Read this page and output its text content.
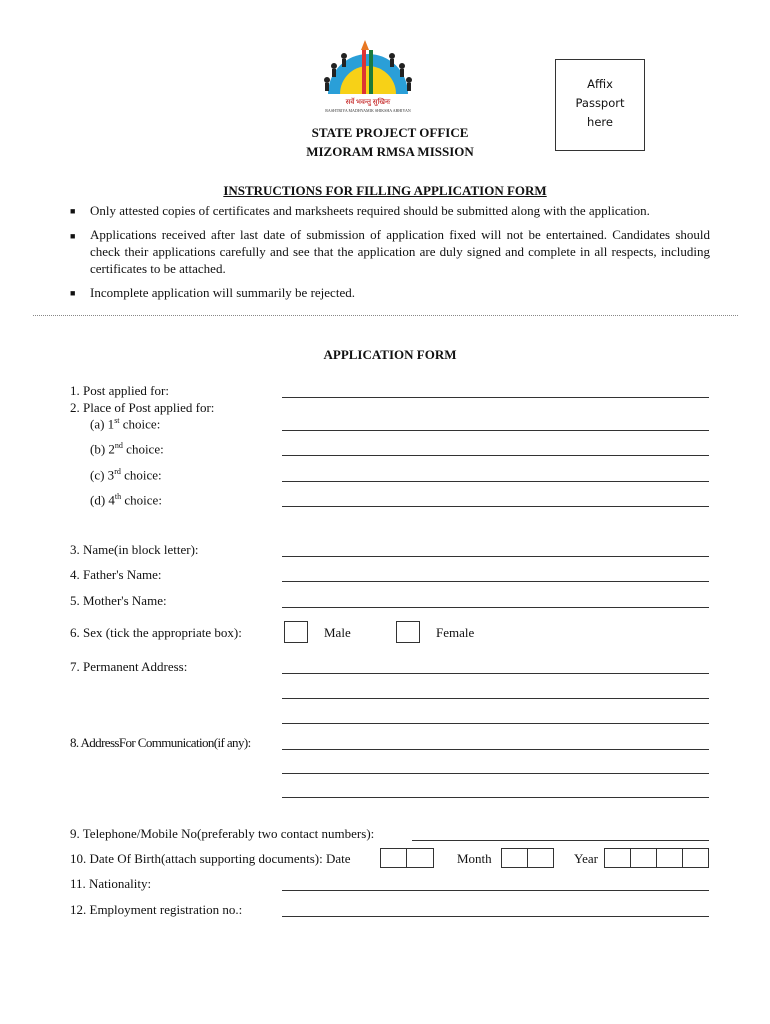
सर्वे भवन्तु सुखिनः
RASHTRIYA MADHYAMIK SHIKSHA ABHIYAN
Affix
Passport
here
STATE PROJECT OFFICE
MIZORAM RMSA MISSION
INSTRUCTIONS FOR FILLING APPLICATION FORM
■ Only attested copies of certificates and marksheets required should be submitted along with the application.
■ Applications received after last date of submission of application fixed will not be entertained. Candidates should check their applications carefully and see that the application are duly signed and complete in all respects, including certificates to be attached.
■ Incomplete application will summarily be rejected.
APPLICATION FORM
1. Post applied for:
2. Place of Post applied for:
(a) 1st choice:
(b) 2nd choice:
(c) 3rd choice:
(d) 4th choice:
3. Name(in block letter):
4. Father's Name:
5. Mother's Name:
6. Sex (tick the appropriate box):	Male	Female
7. Permanent Address:
8. AddressFor Communication(if any):
9. Telephone/Mobile No(preferably two contact numbers):
10. Date Of Birth(attach supporting documents): Date	Month	Year
11. Nationality:
12. Employment registration no.:
